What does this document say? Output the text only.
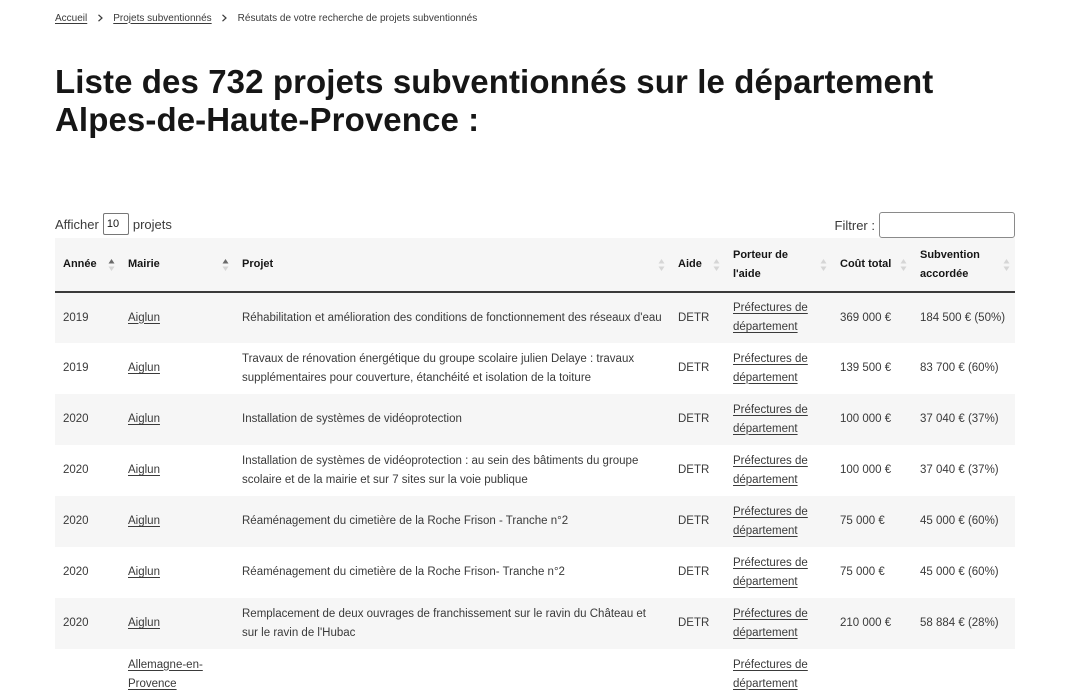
Accueil	Projets subventionnés	Résutats de votre recherche de projets subventionnés
Liste des 732 projets subventionnés sur le département Alpes-de-Haute-Provence :
Afficher 10	projets	Filtrer :
Année	Mairie	Projet	Aide	Porteur de l'aide	Coût total	Subvention accordée

2019	Aiglun	Réhabilitation et amélioration des conditions de fonctionnement des réseaux d'eau	DETR	Préfectures de département	369 000 €	184 500 € (50%)
2019	Aiglun	Travaux de rénovation énergétique du groupe scolaire julien Delaye : travaux supplémentaires pour couverture, étanchéité et isolation de la toiture	DETR	Préfectures de département	139 500 €	83 700 € (60%)
2020	Aiglun	Installation de systèmes de vidéoprotection	DETR	Préfectures de département	100 000 €	37 040 € (37%)
2020	Aiglun	Installation de systèmes de vidéoprotection : au sein des bâtiments du groupe scolaire et de la mairie et sur 7 sites sur la voie publique	DETR	Préfectures de département	100 000 €	37 040 € (37%)
2020	Aiglun	Réaménagement du cimetière de la Roche Frison - Tranche n°2	DETR	Préfectures de département	75 000 €	45 000 € (60%)
2020	Aiglun	Réaménagement du cimetière de la Roche Frison- Tranche n°2	DETR	Préfectures de département	75 000 €	45 000 € (60%)
2020	Aiglun	Remplacement de deux ouvrages de franchissement sur le ravin du Château et sur le ravin de l'Hubac	DETR	Préfectures de département	210 000 €	58 884 € (28%)
	Allemagne-en-Provence			Préfectures de département		
